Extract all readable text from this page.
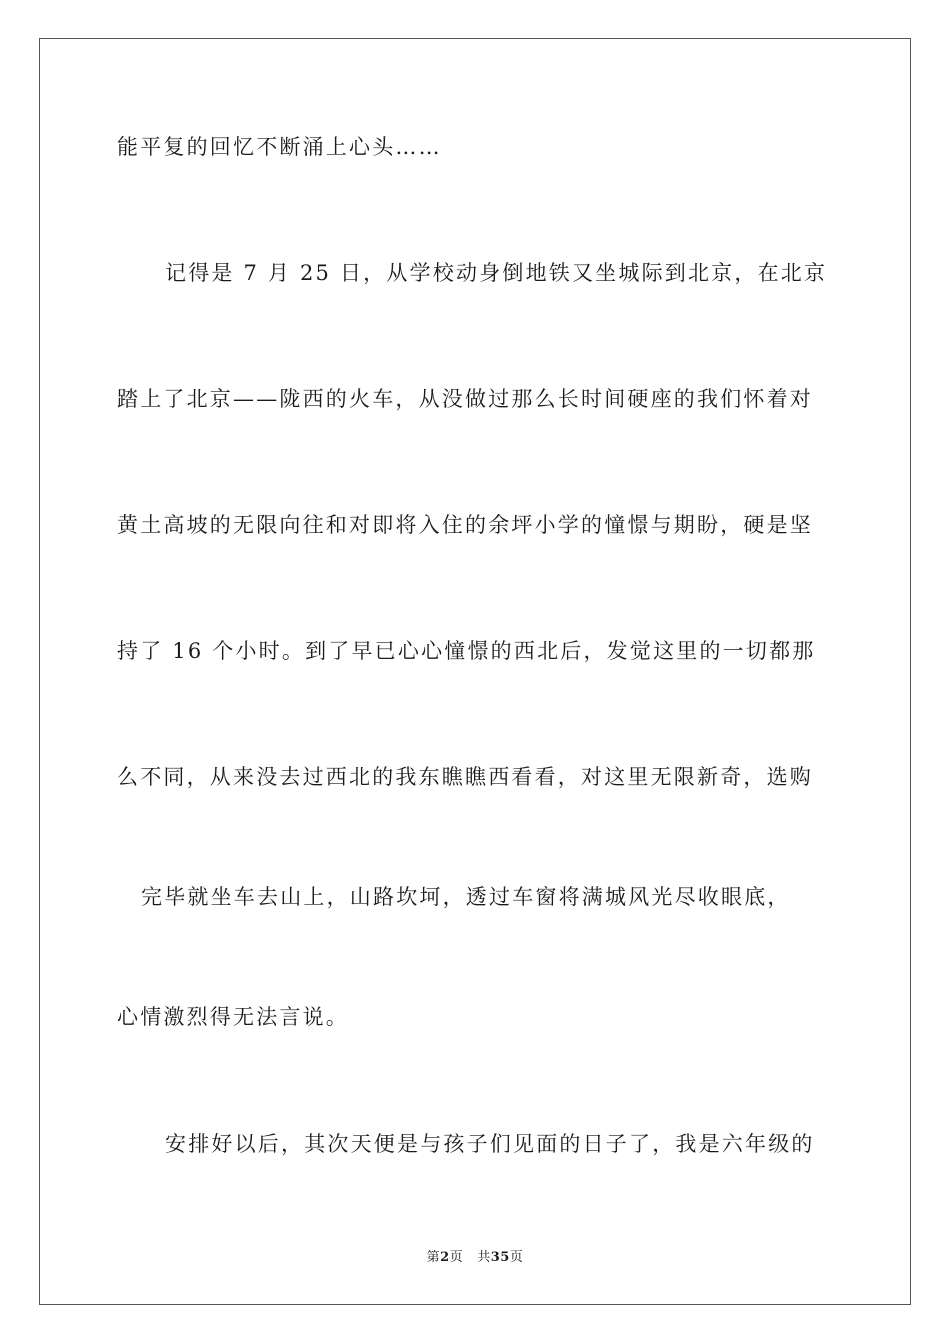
能平复的回忆不断涌上心头……
记得是 7 月 25 日，从学校动身倒地铁又坐城际到北京，在北京
踏上了北京——陇西的火车，从没做过那么长时间硬座的我们怀着对
黄土高坡的无限向往和对即将入住的余坪小学的憧憬与期盼，硬是坚
持了 16 个小时。到了早已心心憧憬的西北后，发觉这里的一切都那
么不同，从来没去过西北的我东瞧瞧西看看，对这里无限新奇，选购
完毕就坐车去山上，山路坎坷，透过车窗将满城风光尽收眼底，
心情激烈得无法言说。
安排好以后，其次天便是与孩子们见面的日子了，我是六年级的
第2页 共35页
